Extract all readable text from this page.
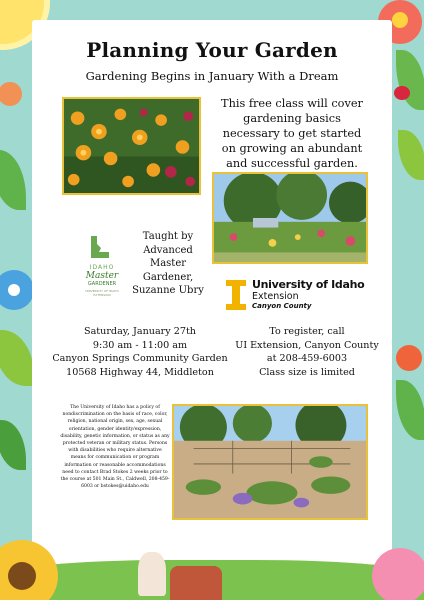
Planning Your Garden
Gardening Begins in January With a Dream
This free class will cover gardening basics necessary to get started on growing an abundant and successful garden.
IDAHO
Master
GARDENER
UNIVERSITY OF IDAHO EXTENSION
Taught by
Advanced
Master
Gardener,
Suzanne Ubry	University of Idaho
Extension
Canyon County
Saturday, January 27th
9:30 am - 11:00 am
Canyon Springs Community Garden
10568 Highway 44, Middleton
To register, call
UI Extension, Canyon County
at 208-459-6003
Class size is limited
The University of Idaho has a policy of nondiscrimination on the basis of race, color, religion, national origin, sex, age, sexual orientation, gender identity/expression, disability, genetic information, or status as any protected veteran or military status. Persons with disabilities who require alternative means for communication or program information or reasonable accommodations need to contact Brad Stokes 2 weeks prior to the course at 501 Main St., Caldwell, 208-459-6003 or bstokes@uidaho.edu
